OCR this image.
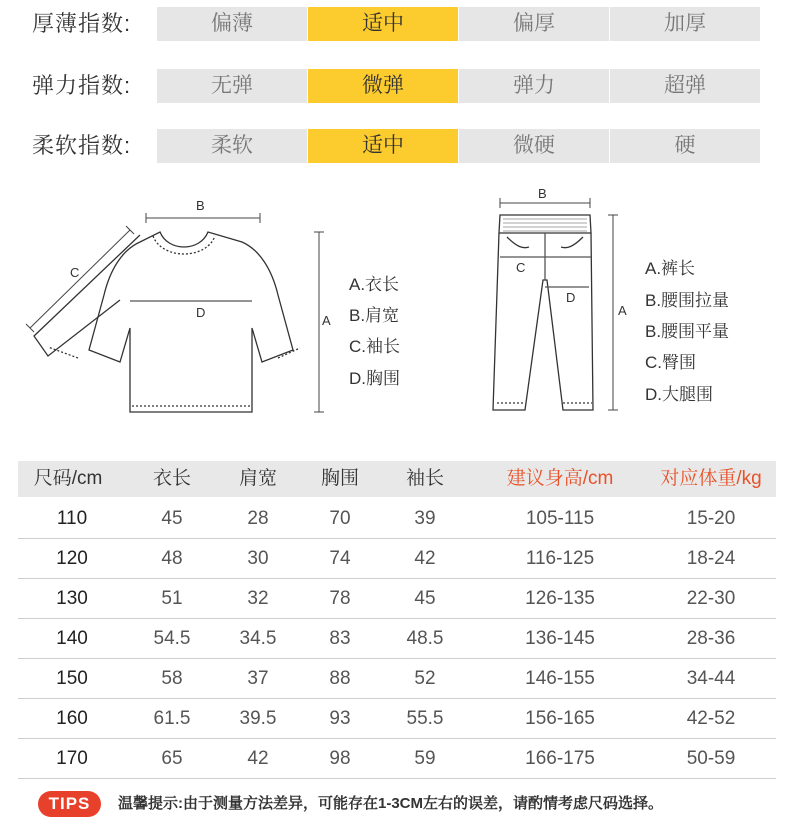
厚薄指数:	偏薄	适中	偏厚	加厚
弹力指数:	无弹	微弹	弹力	超弹
柔软指数:	柔软	适中	微硬	硬
B
C
D
A
A.衣长
B.肩宽
C.袖长
D.胸围
B
C
D
A
A.裤长
B.腰围拉量
B.腰围平量
C.臀围
D.大腿围
尺码/cm	衣长	肩宽	胸围	袖长	建议身高/cm	对应体重/kg
110	45	28	70	39	105-115	15-20
120	48	30	74	42	116-125	18-24
130	51	32	78	45	126-135	22-30
140	54.5	34.5	83	48.5	136-145	28-36
150	58	37	88	52	146-155	34-44
160	61.5	39.5	93	55.5	156-165	42-52
170	65	42	98	59	166-175	50-59
TIPS	温馨提示:由于测量方法差异，可能存在1-3CM左右的误差，请酌情考虑尺码选择。
